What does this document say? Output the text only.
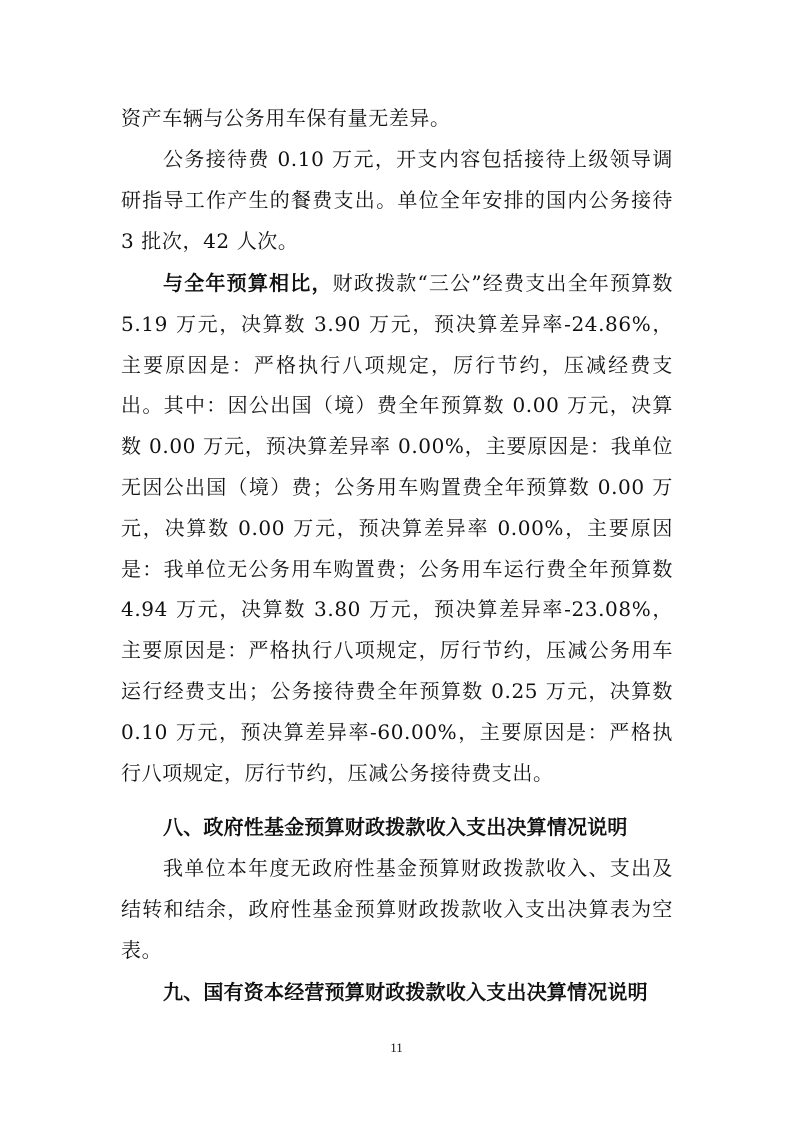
资产车辆与公务用车保有量无差异。

公务接待费 0.10 万元，开支内容包括接待上级领导调研指导工作产生的餐费支出。单位全年安排的国内公务接待 3 批次，42 人次。

与全年预算相比，财政拨款“三公”经费支出全年预算数 5.19 万元，决算数 3.90 万元，预决算差异率-24.86%，主要原因是：严格执行八项规定，厉行节约，压减经费支出。其中：因公出国（境）费全年预算数 0.00 万元，决算数 0.00 万元，预决算差异率 0.00%，主要原因是：我单位无因公出国（境）费；公务用车购置费全年预算数 0.00 万元，决算数 0.00 万元，预决算差异率 0.00%，主要原因是：我单位无公务用车购置费；公务用车运行费全年预算数 4.94 万元，决算数 3.80 万元，预决算差异率-23.08%，主要原因是：严格执行八项规定，厉行节约，压减公务用车运行经费支出；公务接待费全年预算数 0.25 万元，决算数 0.10 万元，预决算差异率-60.00%，主要原因是：严格执行八项规定，厉行节约，压减公务接待费支出。

八、政府性基金预算财政拨款收入支出决算情况说明

我单位本年度无政府性基金预算财政拨款收入、支出及结转和结余，政府性基金预算财政拨款收入支出决算表为空表。

九、国有资本经营预算财政拨款收入支出决算情况说明
11
